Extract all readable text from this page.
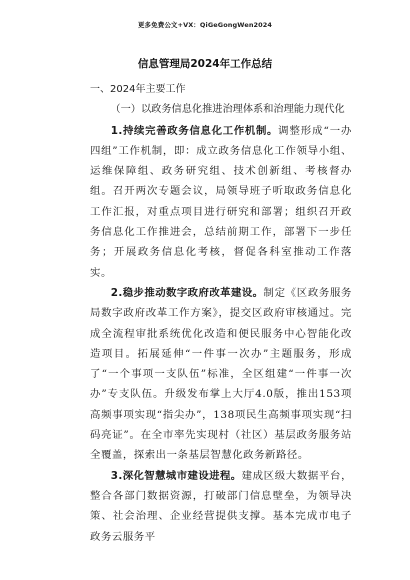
更多免费公文+VX：QiGeGongWen2024
信息管理局2024年工作总结
一、2024年主要工作
（一）以政务信息化推进治理体系和治理能力现代化
1.持续完善政务信息化工作机制。调整形成“一办四组”工作机制，即：成立政务信息化工作领导小组、运维保障组、政务研究组、技术创新组、考核督办组。召开两次专题会议，局领导班子听取政务信息化工作汇报，对重点项目进行研究和部署；组织召开政务信息化工作推进会，总结前期工作，部署下一步任务；开展政务信息化考核，督促各科室推动工作落实。
2.稳步推动数字政府改革建设。制定《区政务服务局数字政府改革工作方案》，提交区政府审核通过。完成全流程审批系统优化改造和便民服务中心智能化改造项目。拓展延伸“一件事一次办”主题服务，形成了“一个事项一支队伍”标准，全区组建“一件事一次办”专支队伍。升级发布掌上大厅4.0版，推出153项高频事项实现“指尖办”，138项民生高频事项实现“扫码亮证”。在全市率先实现村（社区）基层政务服务站全覆盖，探索出一条基层智慧化政务新路径。
3.深化智慧城市建设进程。建成区级大数据平台，整合各部门数据资源，打破部门信息壁垒，为领导决策、社会治理、企业经营提供支撑。基本完成市电子政务云服务平
